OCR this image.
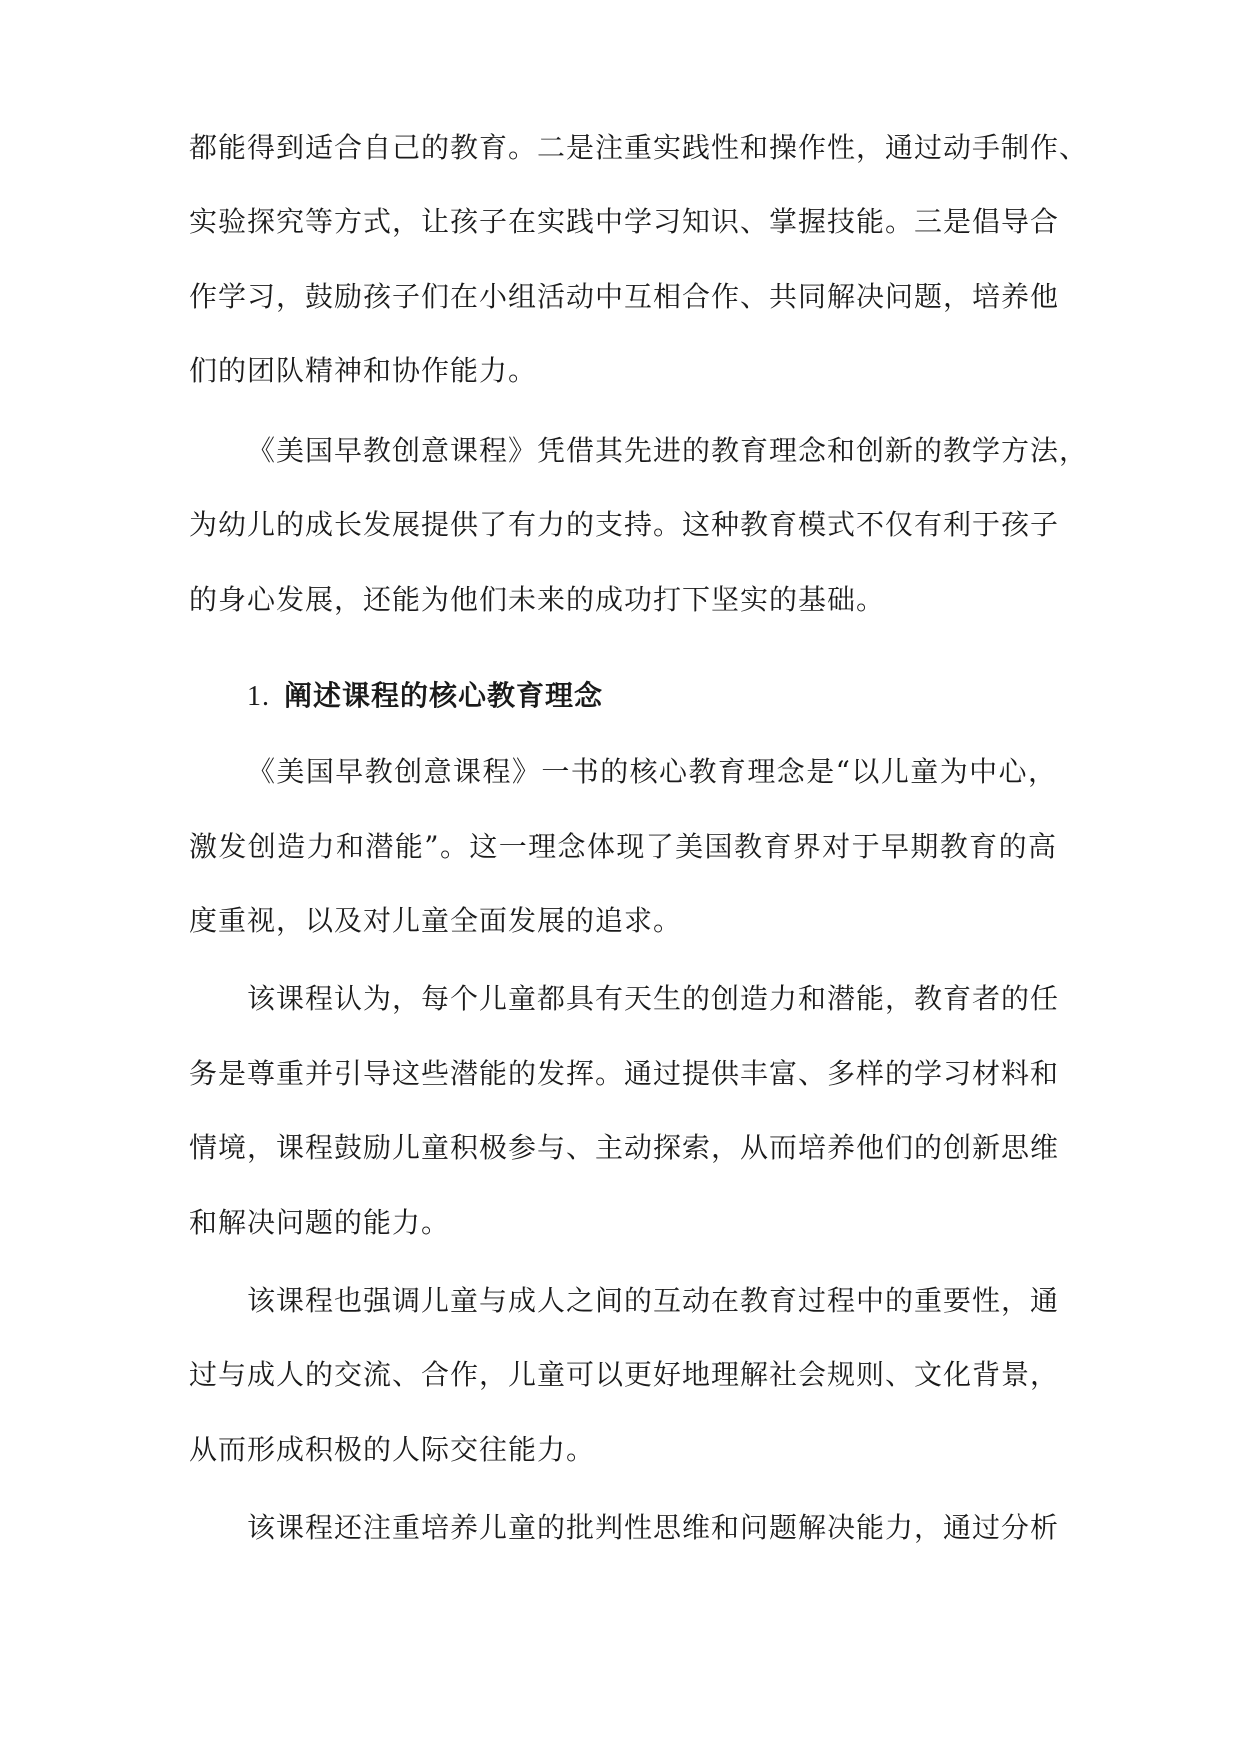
都能得到适合自己的教育。二是注重实践性和操作性，通过动手制作、
实验探究等方式，让孩子在实践中学习知识、掌握技能。三是倡导合
作学习，鼓励孩子们在小组活动中互相合作、共同解决问题，培养他
们的团队精神和协作能力。
《美国早教创意课程》凭借其先进的教育理念和创新的教学方法，
为幼儿的成长发展提供了有力的支持。这种教育模式不仅有利于孩子
的身心发展，还能为他们未来的成功打下坚实的基础。
1. 阐述课程的核心教育理念
《美国早教创意课程》一书的核心教育理念是“以儿童为中心，
激发创造力和潜能”。这一理念体现了美国教育界对于早期教育的高
度重视，以及对儿童全面发展的追求。
该课程认为，每个儿童都具有天生的创造力和潜能，教育者的任
务是尊重并引导这些潜能的发挥。通过提供丰富、多样的学习材料和
情境，课程鼓励儿童积极参与、主动探索，从而培养他们的创新思维
和解决问题的能力。
该课程也强调儿童与成人之间的互动在教育过程中的重要性，通
过与成人的交流、合作，儿童可以更好地理解社会规则、文化背景，
从而形成积极的人际交往能力。
该课程还注重培养儿童的批判性思维和问题解决能力，通过分析
